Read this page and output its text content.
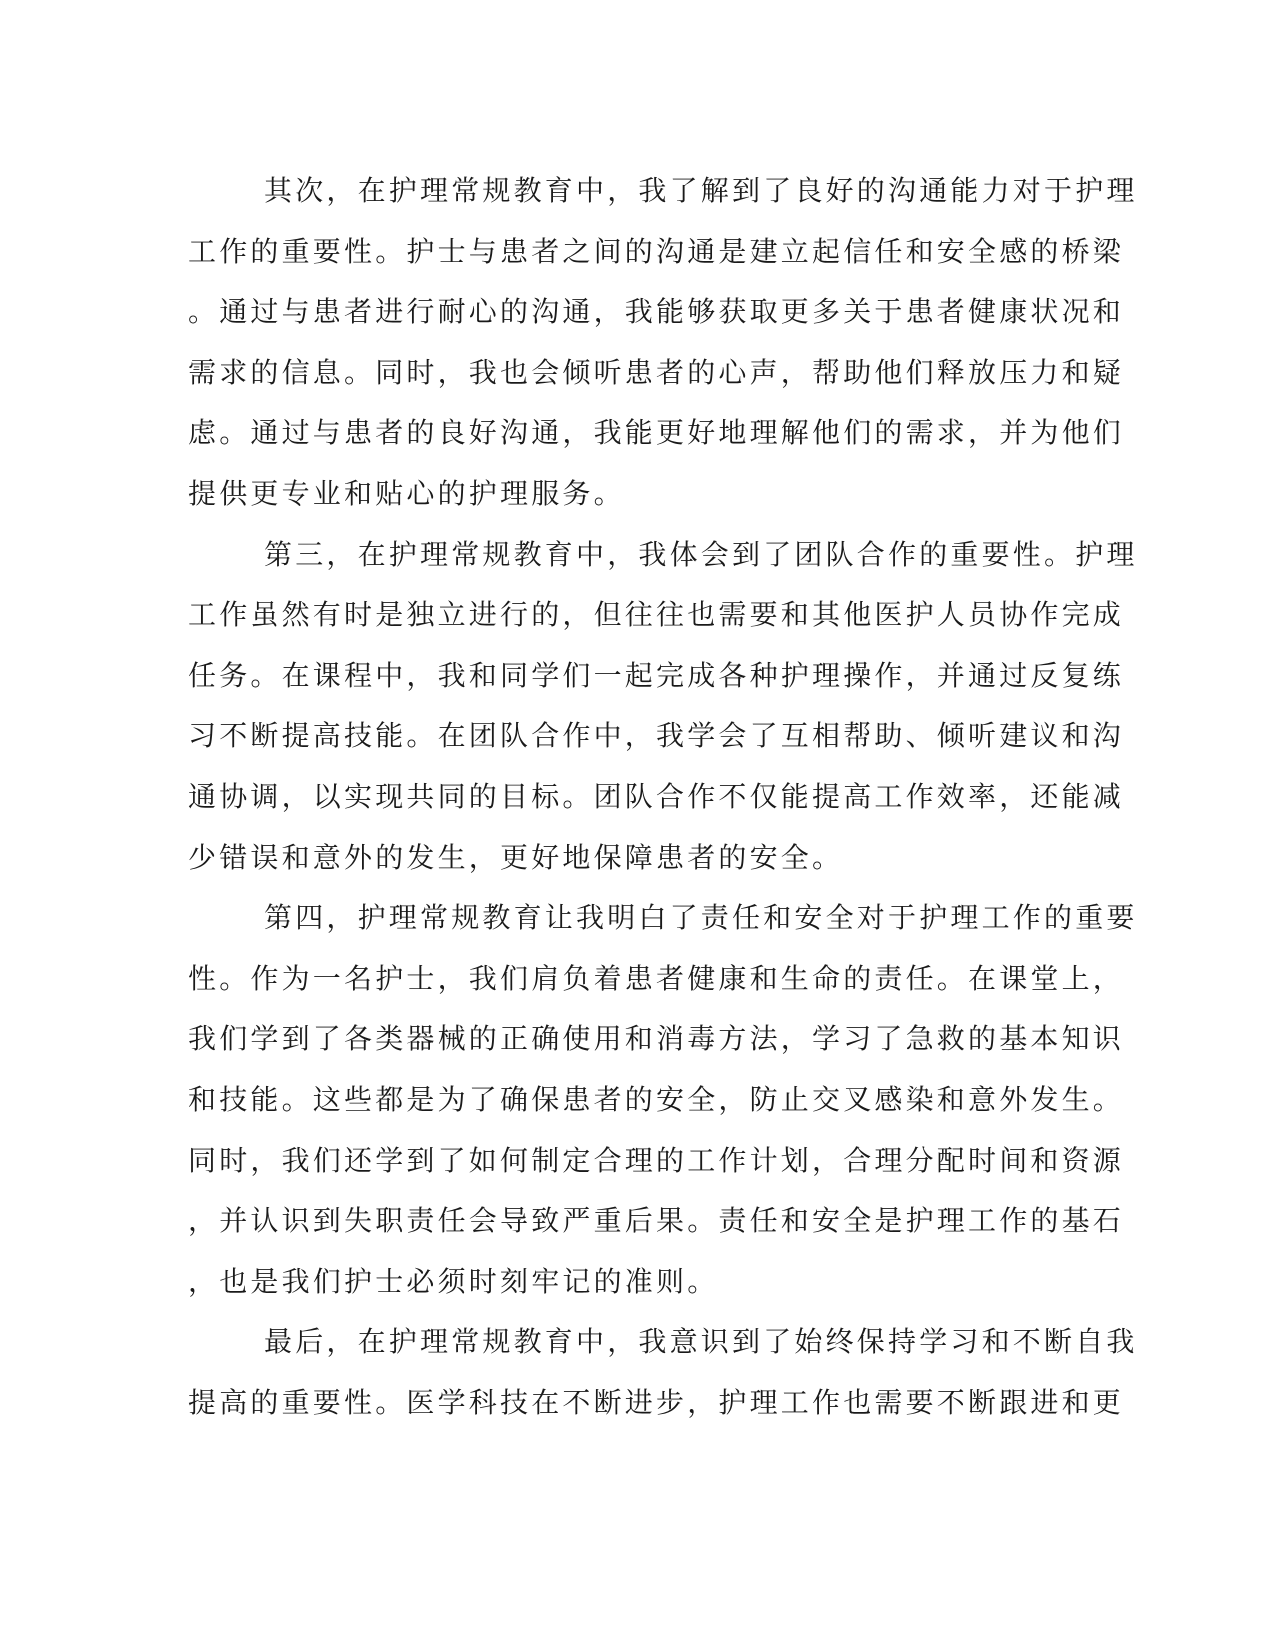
其次，在护理常规教育中，我了解到了良好的沟通能力对于护理
工作的重要性。护士与患者之间的沟通是建立起信任和安全感的桥梁
。通过与患者进行耐心的沟通，我能够获取更多关于患者健康状况和
需求的信息。同时，我也会倾听患者的心声，帮助他们释放压力和疑
虑。通过与患者的良好沟通，我能更好地理解他们的需求，并为他们
提供更专业和贴心的护理服务。
第三，在护理常规教育中，我体会到了团队合作的重要性。护理
工作虽然有时是独立进行的，但往往也需要和其他医护人员协作完成
任务。在课程中，我和同学们一起完成各种护理操作，并通过反复练
习不断提高技能。在团队合作中，我学会了互相帮助、倾听建议和沟
通协调，以实现共同的目标。团队合作不仅能提高工作效率，还能减
少错误和意外的发生，更好地保障患者的安全。
第四，护理常规教育让我明白了责任和安全对于护理工作的重要
性。作为一名护士，我们肩负着患者健康和生命的责任。在课堂上，
我们学到了各类器械的正确使用和消毒方法，学习了急救的基本知识
和技能。这些都是为了确保患者的安全，防止交叉感染和意外发生。
同时，我们还学到了如何制定合理的工作计划，合理分配时间和资源
，并认识到失职责任会导致严重后果。责任和安全是护理工作的基石
，也是我们护士必须时刻牢记的准则。
最后，在护理常规教育中，我意识到了始终保持学习和不断自我
提高的重要性。医学科技在不断进步，护理工作也需要不断跟进和更
